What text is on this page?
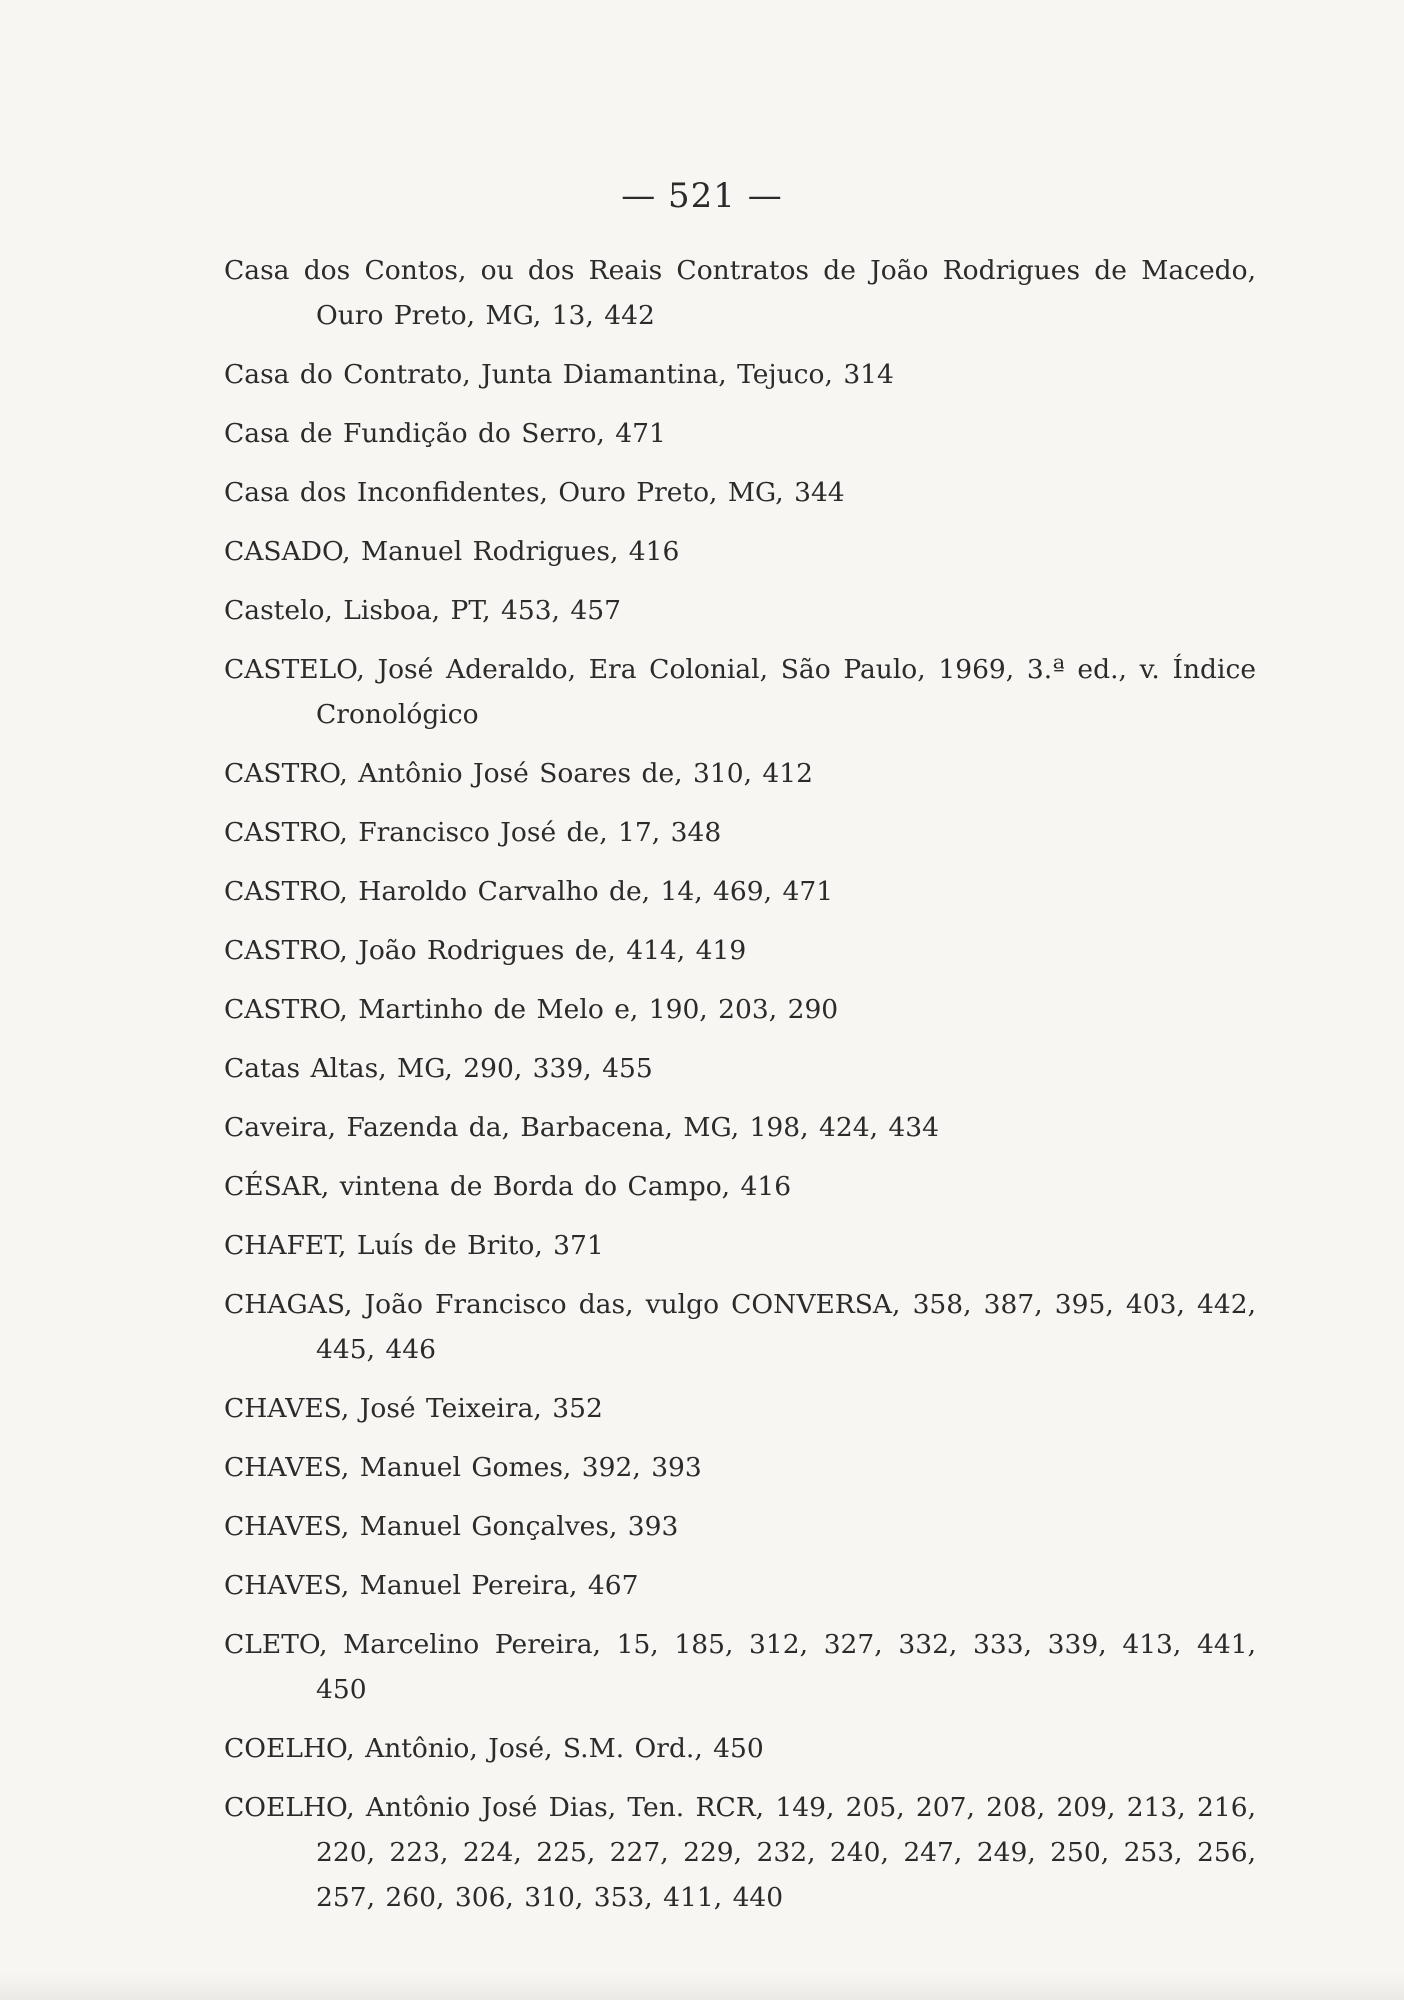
— 521 —
Casa dos Contos, ou dos Reais Contratos de João Rodrigues de Macedo, Ouro Preto, MG, 13, 442
Casa do Contrato, Junta Diamantina, Tejuco, 314
Casa de Fundição do Serro, 471
Casa dos Inconfidentes, Ouro Preto, MG, 344
CASADO, Manuel Rodrigues, 416
Castelo, Lisboa, PT, 453, 457
CASTELO, José Aderaldo, Era Colonial, São Paulo, 1969, 3.ª ed., v. Índice Cronológico
CASTRO, Antônio José Soares de, 310, 412
CASTRO, Francisco José de, 17, 348
CASTRO, Haroldo Carvalho de, 14, 469, 471
CASTRO, João Rodrigues de, 414, 419
CASTRO, Martinho de Melo e, 190, 203, 290
Catas Altas, MG, 290, 339, 455
Caveira, Fazenda da, Barbacena, MG, 198, 424, 434
CÉSAR, vintena de Borda do Campo, 416
CHAFET, Luís de Brito, 371
CHAGAS, João Francisco das, vulgo CONVERSA, 358, 387, 395, 403, 442, 445, 446
CHAVES, José Teixeira, 352
CHAVES, Manuel Gomes, 392, 393
CHAVES, Manuel Gonçalves, 393
CHAVES, Manuel Pereira, 467
CLETO, Marcelino Pereira, 15, 185, 312, 327, 332, 333, 339, 413, 441, 450
COELHO, Antônio, José, S.M. Ord., 450
COELHO, Antônio José Dias, Ten. RCR, 149, 205, 207, 208, 209, 213, 216, 220, 223, 224, 225, 227, 229, 232, 240, 247, 249, 250, 253, 256, 257, 260, 306, 310, 353, 411, 440
